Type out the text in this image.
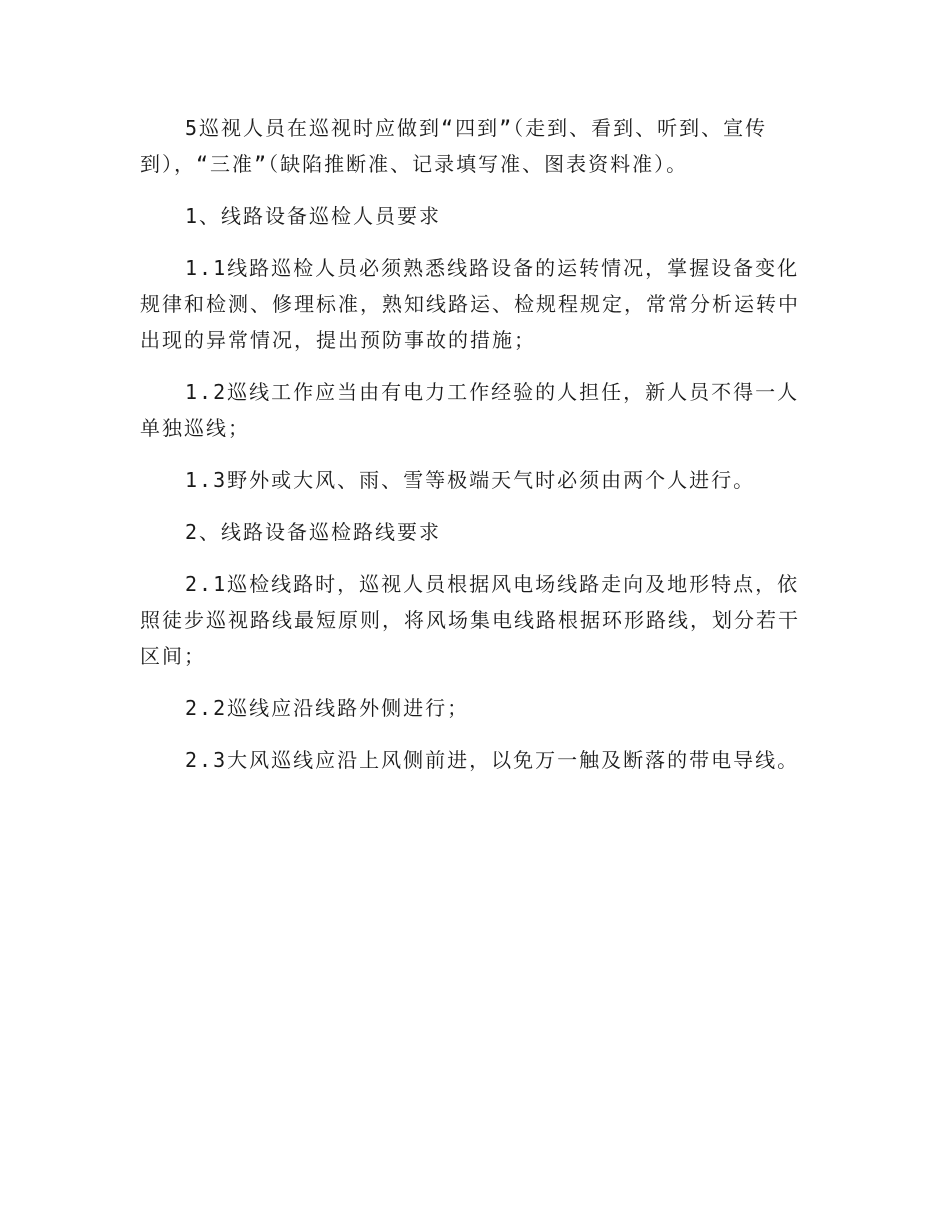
5巡视人员在巡视时应做到“四到”（走到、看到、听到、宣传到），“三准”（缺陷推断准、记录填写准、图表资料准）。

1、线路设备巡检人员要求

1.1线路巡检人员必须熟悉线路设备的运转情况，掌握设备变化规律和检测、修理标准，熟知线路运、检规程规定，常常分析运转中出现的异常情况，提出预防事故的措施；

1.2巡线工作应当由有电力工作经验的人担任，新人员不得一人单独巡线；

1.3野外或大风、雨、雪等极端天气时必须由两个人进行。

2、线路设备巡检路线要求

2.1巡检线路时，巡视人员根据风电场线路走向及地形特点，依照徒步巡视路线最短原则，将风场集电线路根据环形路线，划分若干区间；

2.2巡线应沿线路外侧进行；

2.3大风巡线应沿上风侧前进，以免万一触及断落的带电导线。
